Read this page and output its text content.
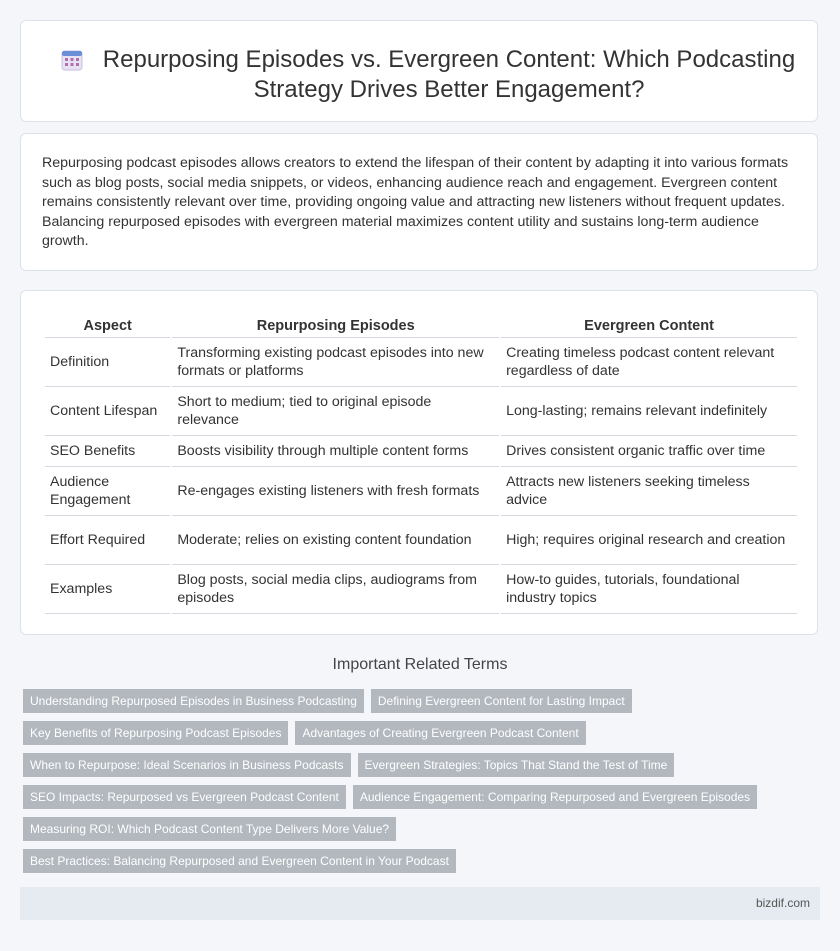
Repurposing Episodes vs. Evergreen Content: Which Podcasting Strategy Drives Better Engagement?
Repurposing podcast episodes allows creators to extend the lifespan of their content by adapting it into various formats such as blog posts, social media snippets, or videos, enhancing audience reach and engagement. Evergreen content remains consistently relevant over time, providing ongoing value and attracting new listeners without frequent updates. Balancing repurposed episodes with evergreen material maximizes content utility and sustains long-term audience growth.
Aspect	Repurposing Episodes	Evergreen Content
Definition	Transforming existing podcast episodes into new formats or platforms	Creating timeless podcast content relevant regardless of date
Content Lifespan	Short to medium; tied to original episode relevance	Long-lasting; remains relevant indefinitely
SEO Benefits	Boosts visibility through multiple content forms	Drives consistent organic traffic over time
Audience Engagement	Re-engages existing listeners with fresh formats	Attracts new listeners seeking timeless advice
Effort Required	Moderate; relies on existing content foundation	High; requires original research and creation
Examples	Blog posts, social media clips, audiograms from episodes	How-to guides, tutorials, foundational industry topics
Important Related Terms
Understanding Repurposed Episodes in Business Podcasting	Defining Evergreen Content for Lasting Impact
Key Benefits of Repurposing Podcast Episodes	Advantages of Creating Evergreen Podcast Content
When to Repurpose: Ideal Scenarios in Business Podcasts	Evergreen Strategies: Topics That Stand the Test of Time
SEO Impacts: Repurposed vs Evergreen Podcast Content	Audience Engagement: Comparing Repurposed and Evergreen Episodes
Measuring ROI: Which Podcast Content Type Delivers More Value?
Best Practices: Balancing Repurposed and Evergreen Content in Your Podcast
bizdif.com
